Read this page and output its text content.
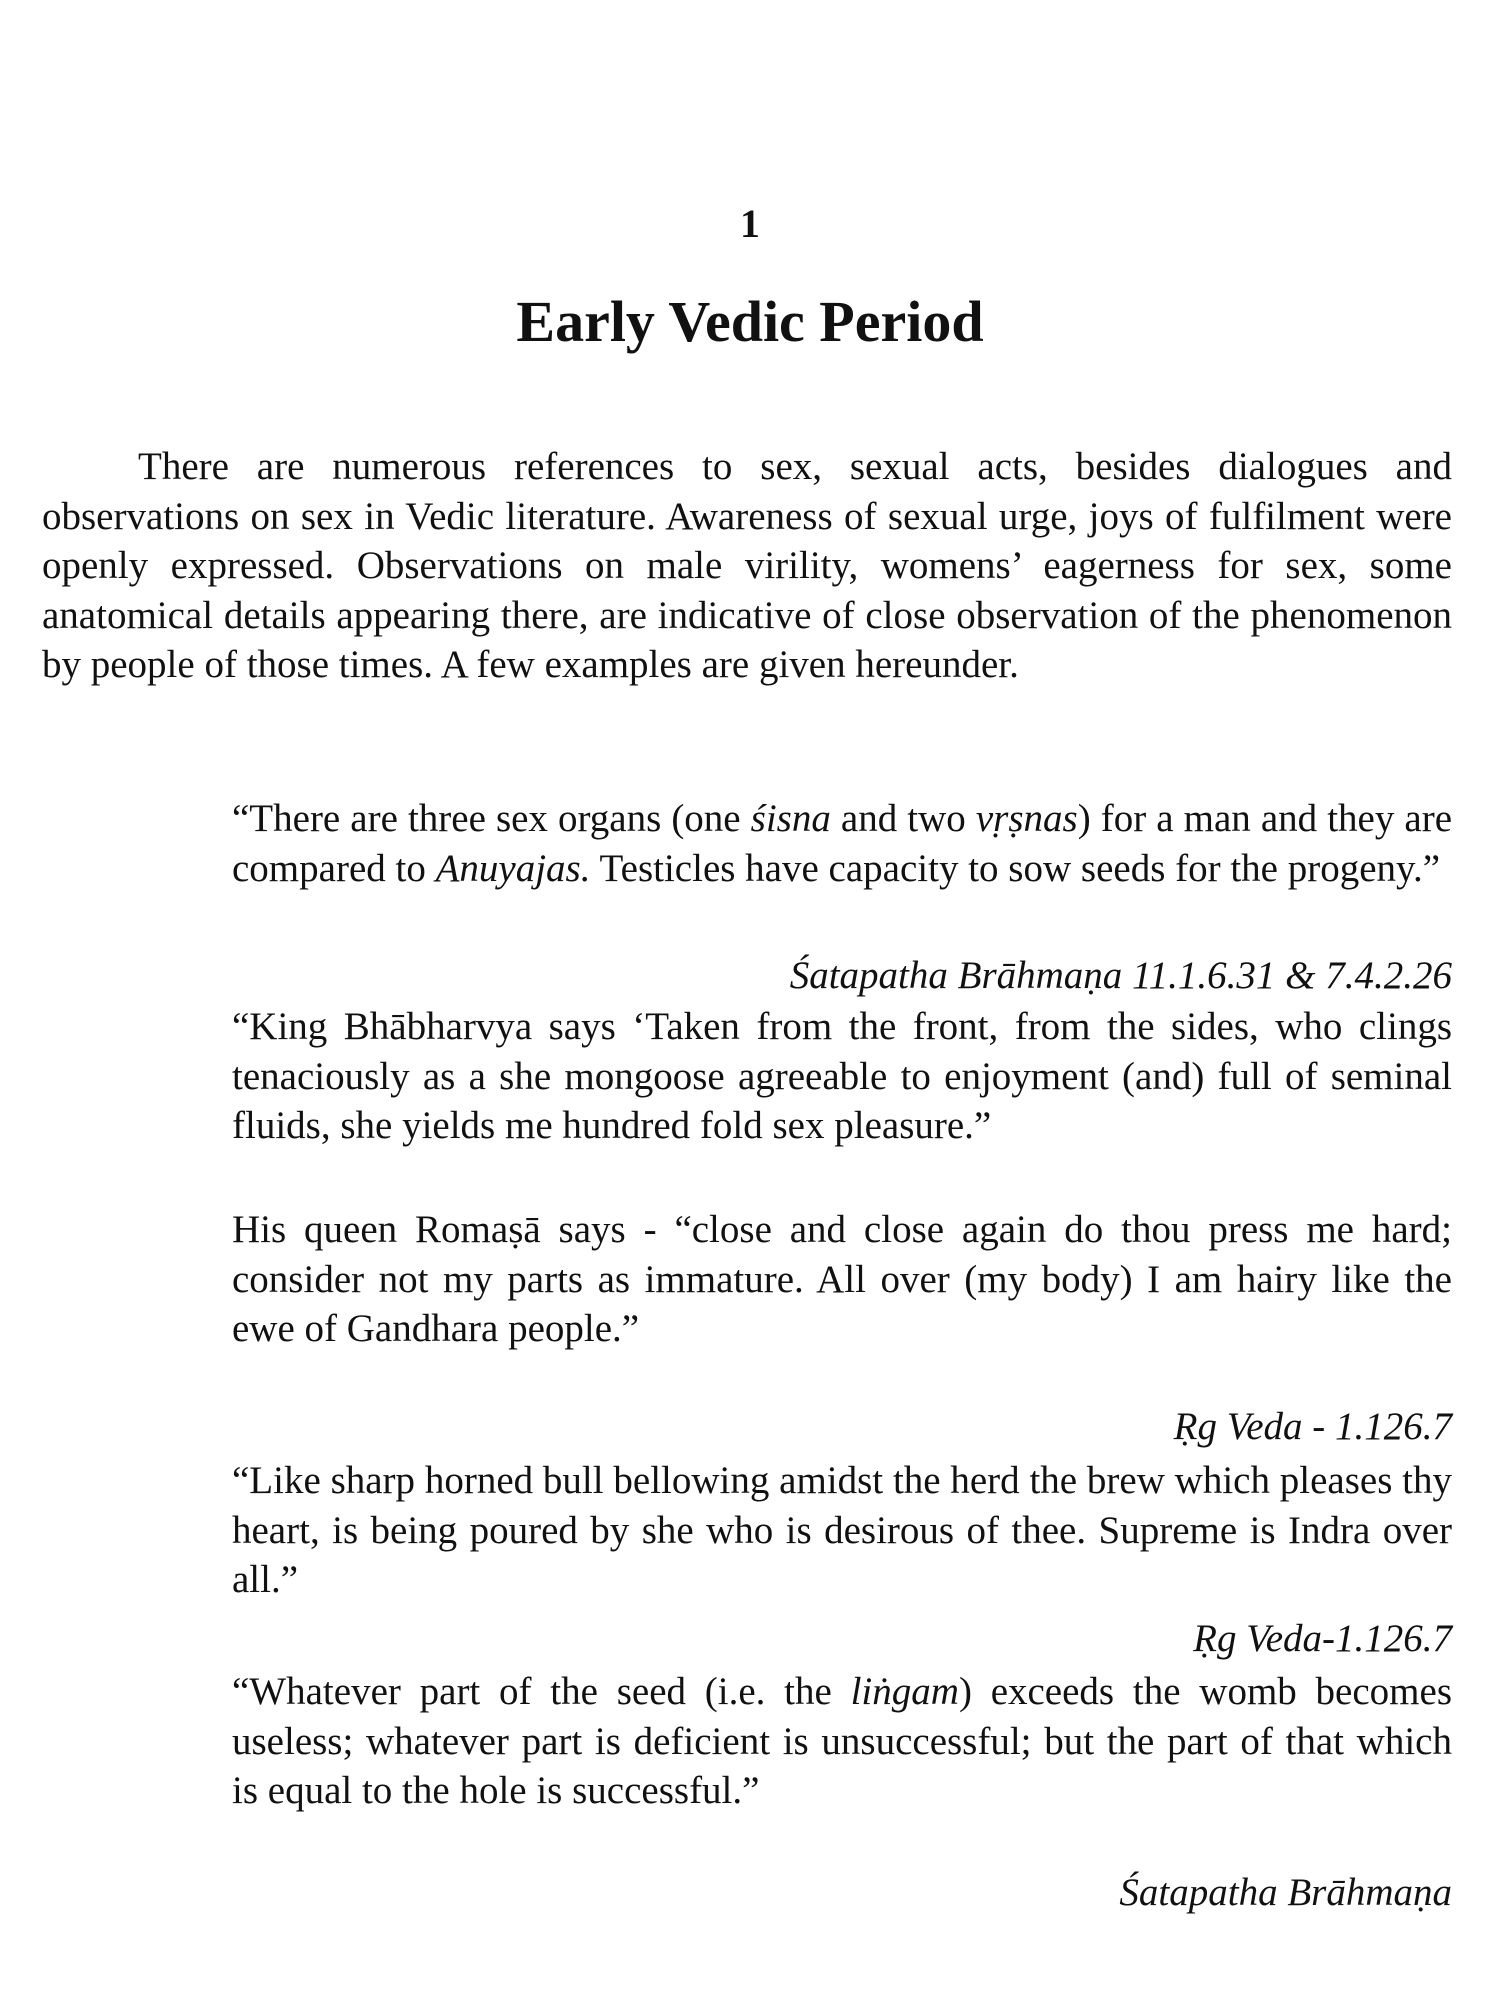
1
Early Vedic Period

There are numerous references to sex, sexual acts, besides dialogues and observations on sex in Vedic literature. Awareness of sexual urge, joys of fulfilment were openly expressed. Observations on male virility, womens’ eagerness for sex, some anatomical details appearing there, are indicative of close observation of the phenomenon by people of those times. A few examples are given hereunder.

“There are three sex organs (one śisna and two vṛṣnas) for a man and they are compared to Anuyajas. Testicles have capacity to sow seeds for the progeny.”

Śatapatha Brāhmaṇa 11.1.6.31 & 7.4.2.26

“King Bhābharvya says ‘Taken from the front, from the sides, who clings tenaciously as a she mongoose agreeable to enjoyment (and) full of seminal fluids, she yields me hundred fold sex pleasure.”

His queen Romaṣā says - “close and close again do thou press me hard; consider not my parts as immature. All over (my body) I am hairy like the ewe of Gandhara people.”

Ṛg Veda - 1.126.7

“Like sharp horned bull bellowing amidst the herd the brew which pleases thy heart, is being poured by she who is desirous of thee. Supreme is Indra over all.”

Ṛg Veda-1.126.7

“Whatever part of the seed (i.e. the liṅgam) exceeds the womb becomes useless; whatever part is deficient is unsuccessful; but the part of that which is equal to the hole is successful.”

Śatapatha Brāhmaṇa
